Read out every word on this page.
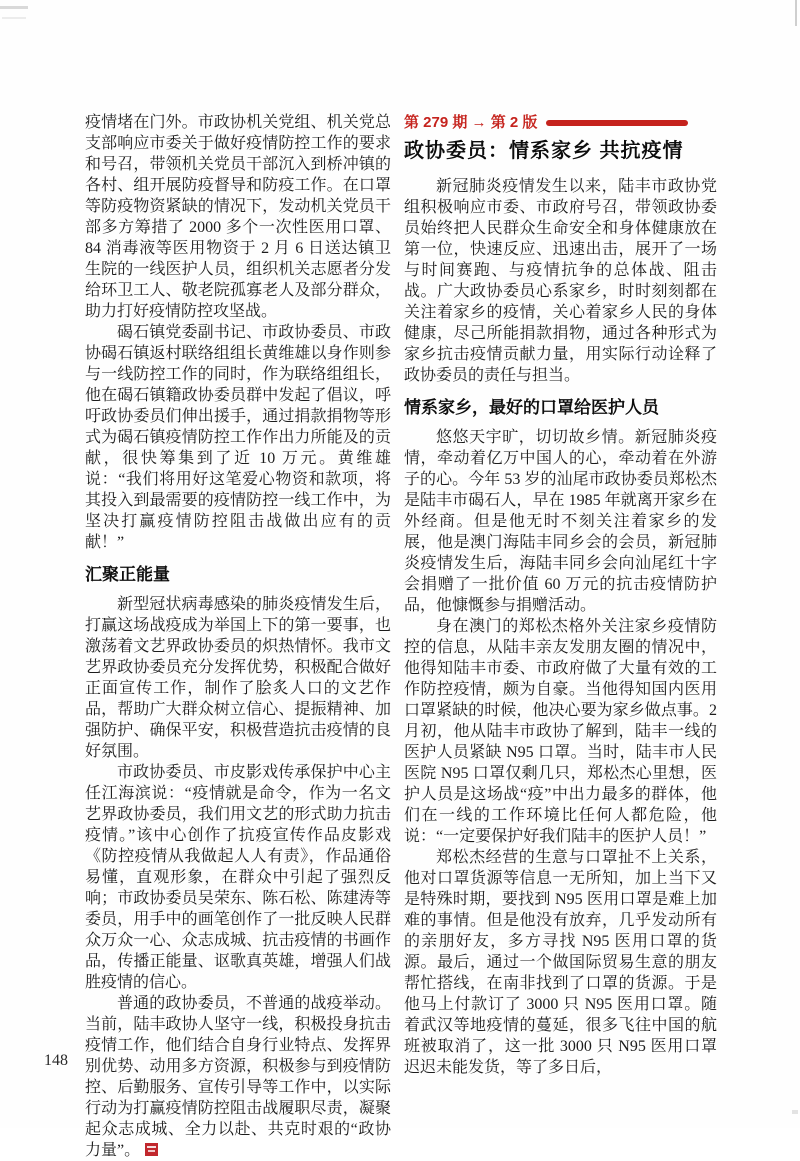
疫情堵在门外。市政协机关党组、机关党总支部响应市委关于做好疫情防控工作的要求和号召，带领机关党员干部沉入到桥冲镇的各村、组开展防疫督导和防疫工作。在口罩等防疫物资紧缺的情况下，发动机关党员干部多方筹措了 2000 多个一次性医用口罩、84 消毒液等医用物资于 2 月 6 日送达镇卫生院的一线医护人员，组织机关志愿者分发给环卫工人、敬老院孤寡老人及部分群众，助力打好疫情防控攻坚战。

碣石镇党委副书记、市政协委员、市政协碣石镇返村联络组组长黄维雄以身作则参与一线防控工作的同时，作为联络组组长，他在碣石镇籍政协委员群中发起了倡议，呼吁政协委员们伸出援手，通过捐款捐物等形式为碣石镇疫情防控工作作出力所能及的贡献，很快筹集到了近 10 万元。黄维雄说：“我们将用好这笔爱心物资和款项，将其投入到最需要的疫情防控一线工作中，为坚决打赢疫情防控阻击战做出应有的贡献！”

汇聚正能量

新型冠状病毒感染的肺炎疫情发生后，打赢这场战疫成为举国上下的第一要事，也激荡着文艺界政协委员的炽热情怀。我市文艺界政协委员充分发挥优势，积极配合做好正面宣传工作，制作了脍炙人口的文艺作品，帮助广大群众树立信心、提振精神、加强防护、确保平安，积极营造抗击疫情的良好氛围。

市政协委员、市皮影戏传承保护中心主任江海滨说：“疫情就是命令，作为一名文艺界政协委员，我们用文艺的形式助力抗击疫情。”该中心创作了抗疫宣传作品皮影戏《防控疫情从我做起人人有责》，作品通俗易懂，直观形象，在群众中引起了强烈反响；市政协委员吴荣东、陈石松、陈建涛等委员，用手中的画笔创作了一批反映人民群众万众一心、众志成城、抗击疫情的书画作品，传播正能量、讴歌真英雄，增强人们战胜疫情的信心。

普通的政协委员，不普通的战疫举动。当前，陆丰政协人坚守一线，积极投身抗击疫情工作，他们结合自身行业特点、发挥界别优势、动用多方资源，积极参与到疫情防控、后勤服务、宣传引导等工作中，以实际行动为打赢疫情防控阻击战履职尽责，凝聚起众志成城、全力以赴、共克时艰的“政协力量”。

第 279 期 → 第 2 版
政协委员：情系家乡 共抗疫情

新冠肺炎疫情发生以来，陆丰市政协党组积极响应市委、市政府号召，带领政协委员始终把人民群众生命安全和身体健康放在第一位，快速反应、迅速出击，展开了一场与时间赛跑、与疫情抗争的总体战、阻击战。广大政协委员心系家乡，时时刻刻都在关注着家乡的疫情，关心着家乡人民的身体健康，尽己所能捐款捐物，通过各种形式为家乡抗击疫情贡献力量，用实际行动诠释了政协委员的责任与担当。

情系家乡，最好的口罩给医护人员

悠悠天宇旷，切切故乡情。新冠肺炎疫情，牵动着亿万中国人的心，牵动着在外游子的心。今年 53 岁的汕尾市政协委员郑松杰是陆丰市碣石人，早在 1985 年就离开家乡在外经商。但是他无时不刻关注着家乡的发展，他是澳门海陆丰同乡会的会员，新冠肺炎疫情发生后，海陆丰同乡会向汕尾红十字会捐赠了一批价值 60 万元的抗击疫情防护品，他慷慨参与捐赠活动。

身在澳门的郑松杰格外关注家乡疫情防控的信息，从陆丰亲友发朋友圈的情况中，他得知陆丰市委、市政府做了大量有效的工作防控疫情，颇为自豪。当他得知国内医用口罩紧缺的时候，他决心要为家乡做点事。2 月初，他从陆丰市政协了解到，陆丰一线的医护人员紧缺 N95 口罩。当时，陆丰市人民医院 N95 口罩仅剩几只，郑松杰心里想，医护人员是这场战“疫”中出力最多的群体，他们在一线的工作环境比任何人都危险，他说：“一定要保护好我们陆丰的医护人员！”

郑松杰经营的生意与口罩扯不上关系，他对口罩货源等信息一无所知，加上当下又是特殊时期，要找到 N95 医用口罩是难上加难的事情。但是他没有放弃，几乎发动所有的亲朋好友，多方寻找 N95 医用口罩的货源。最后，通过一个做国际贸易生意的朋友帮忙搭线，在南非找到了口罩的货源。于是他马上付款订了 3000 只 N95 医用口罩。随着武汉等地疫情的蔓延，很多飞往中国的航班被取消了，这一批 3000 只 N95 医用口罩迟迟未能发货，等了多日后，

148
